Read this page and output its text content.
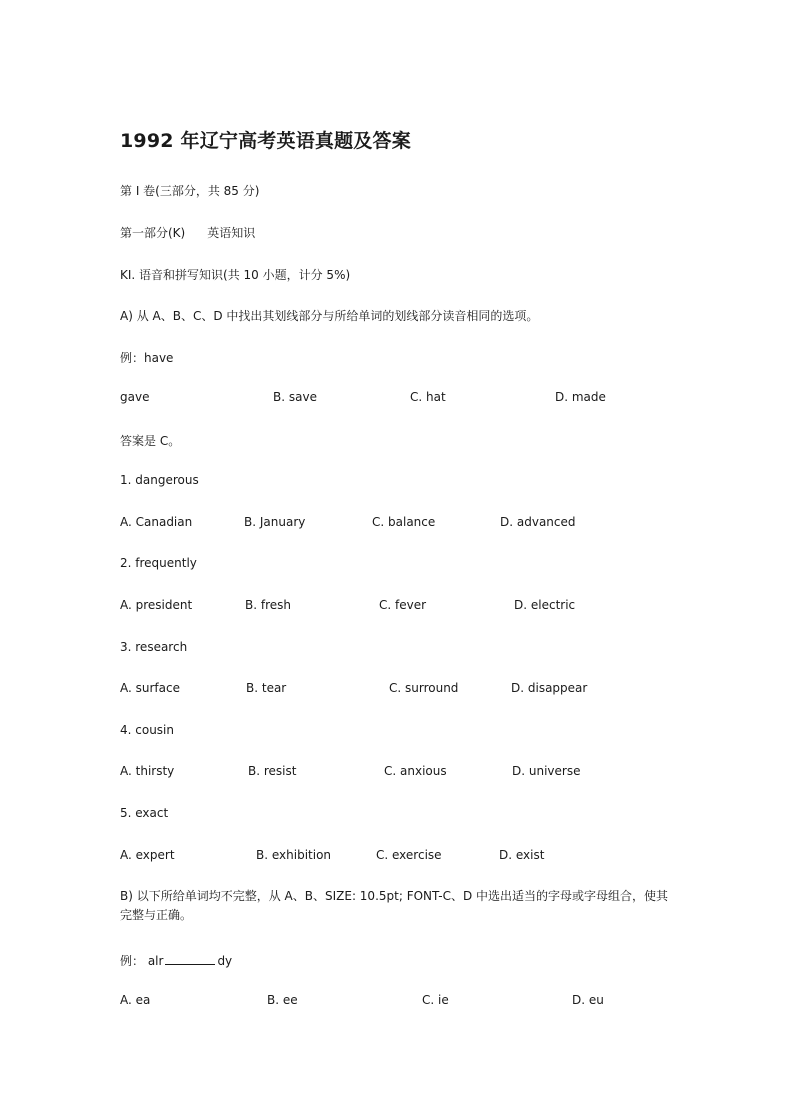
1992 年辽宁高考英语真题及答案
第 I 卷(三部分，共 85 分)
第一部分(K) 英语知识
KI. 语音和拼写知识(共 10 小题，计分 5%)
A) 从 A、B、C、D 中找出其划线部分与所给单词的划线部分读音相同的选项。
例：have
gave	B. save	C. hat	D. made
答案是 C。
1. dangerous
A. Canadian	B. January	C. balance	D. advanced
2. frequently
A. president	B. fresh	C. fever	D. electric
3. research
A. surface	B. tear	C. surround	D. disappear
4. cousin
A. thirsty	B. resist	C. anxious	D. universe
5. exact
A. expert	B. exhibition	C. exercise	D. exist
B) 以下所给单词均不完整，从 A、B、SIZE: 10.5pt; FONT-C、D 中选出适当的字母或字母组合，使其完整与正确。
例： alr	dy
A. ea	B. ee	C. ie	D. eu
